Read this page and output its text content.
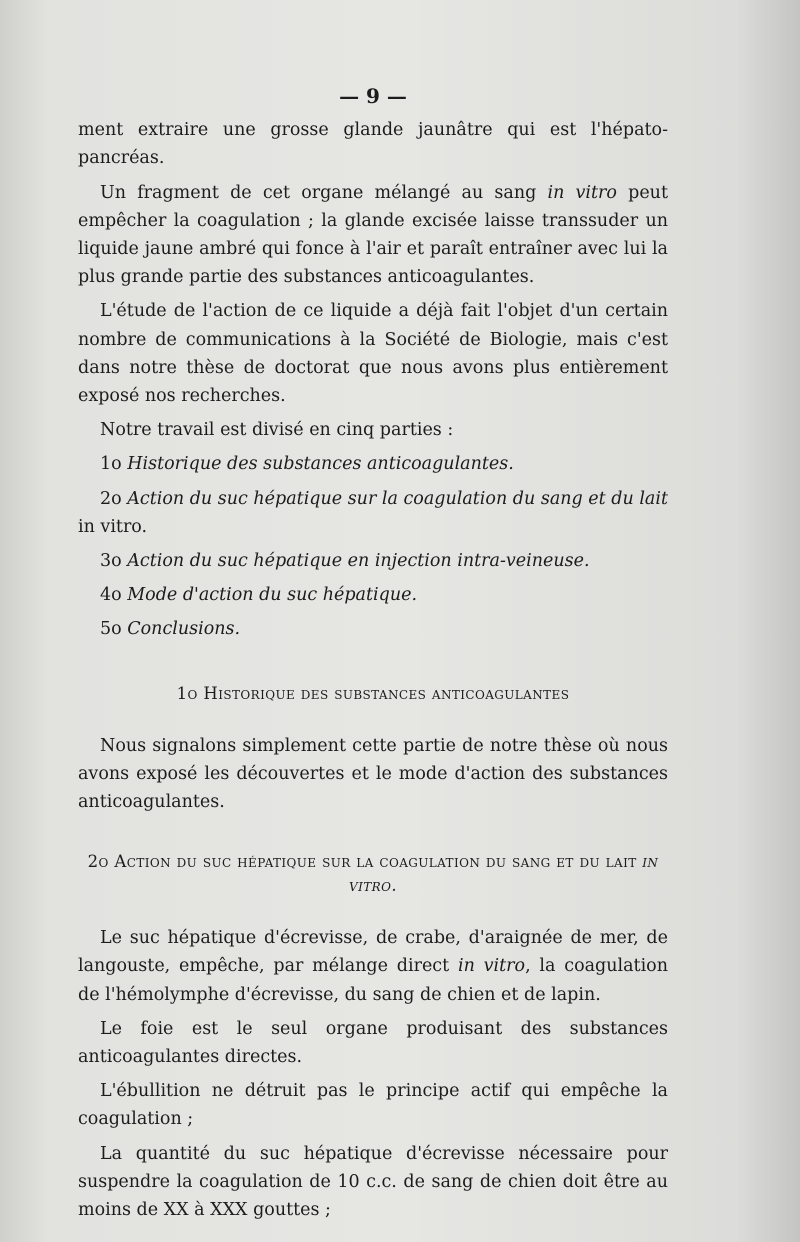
— 9 —

ment extraire une grosse glande jaunâtre qui est l'hépato-pancréas.

Un fragment de cet organe mélangé au sang in vitro peut empêcher la coagulation ; la glande excisée laisse transsuder un liquide jaune ambré qui fonce à l'air et paraît entraîner avec lui la plus grande partie des substances anticoagulantes.

L'étude de l'action de ce liquide a déjà fait l'objet d'un certain nombre de communications à la Société de Biologie, mais c'est dans notre thèse de doctorat que nous avons plus entièrement exposé nos recherches.

Notre travail est divisé en cinq parties :

1o Historique des substances anticoagulantes.

2o Action du suc hépatique sur la coagulation du sang et du lait in vitro.

3o Action du suc hépatique en injection intra-veineuse.

4o Mode d'action du suc hépatique.

5o Conclusions.

1o Historique des substances anticoagulantes

Nous signalons simplement cette partie de notre thèse où nous avons exposé les découvertes et le mode d'action des substances anticoagulantes.

2o Action du suc hépatique sur la coagulation du sang et du lait in vitro.

Le suc hépatique d'écrevisse, de crabe, d'araignée de mer, de langouste, empêche, par mélange direct in vitro, la coagulation de l'hémolymphe d'écrevisse, du sang de chien et de lapin.

Le foie est le seul organe produisant des substances anticoagulantes directes.

L'ébullition ne détruit pas le principe actif qui empêche la coagulation ;

La quantité du suc hépatique d'écrevisse nécessaire pour suspendre la coagulation de 10 c.c. de sang de chien doit être au moins de XX à XXX gouttes ;
